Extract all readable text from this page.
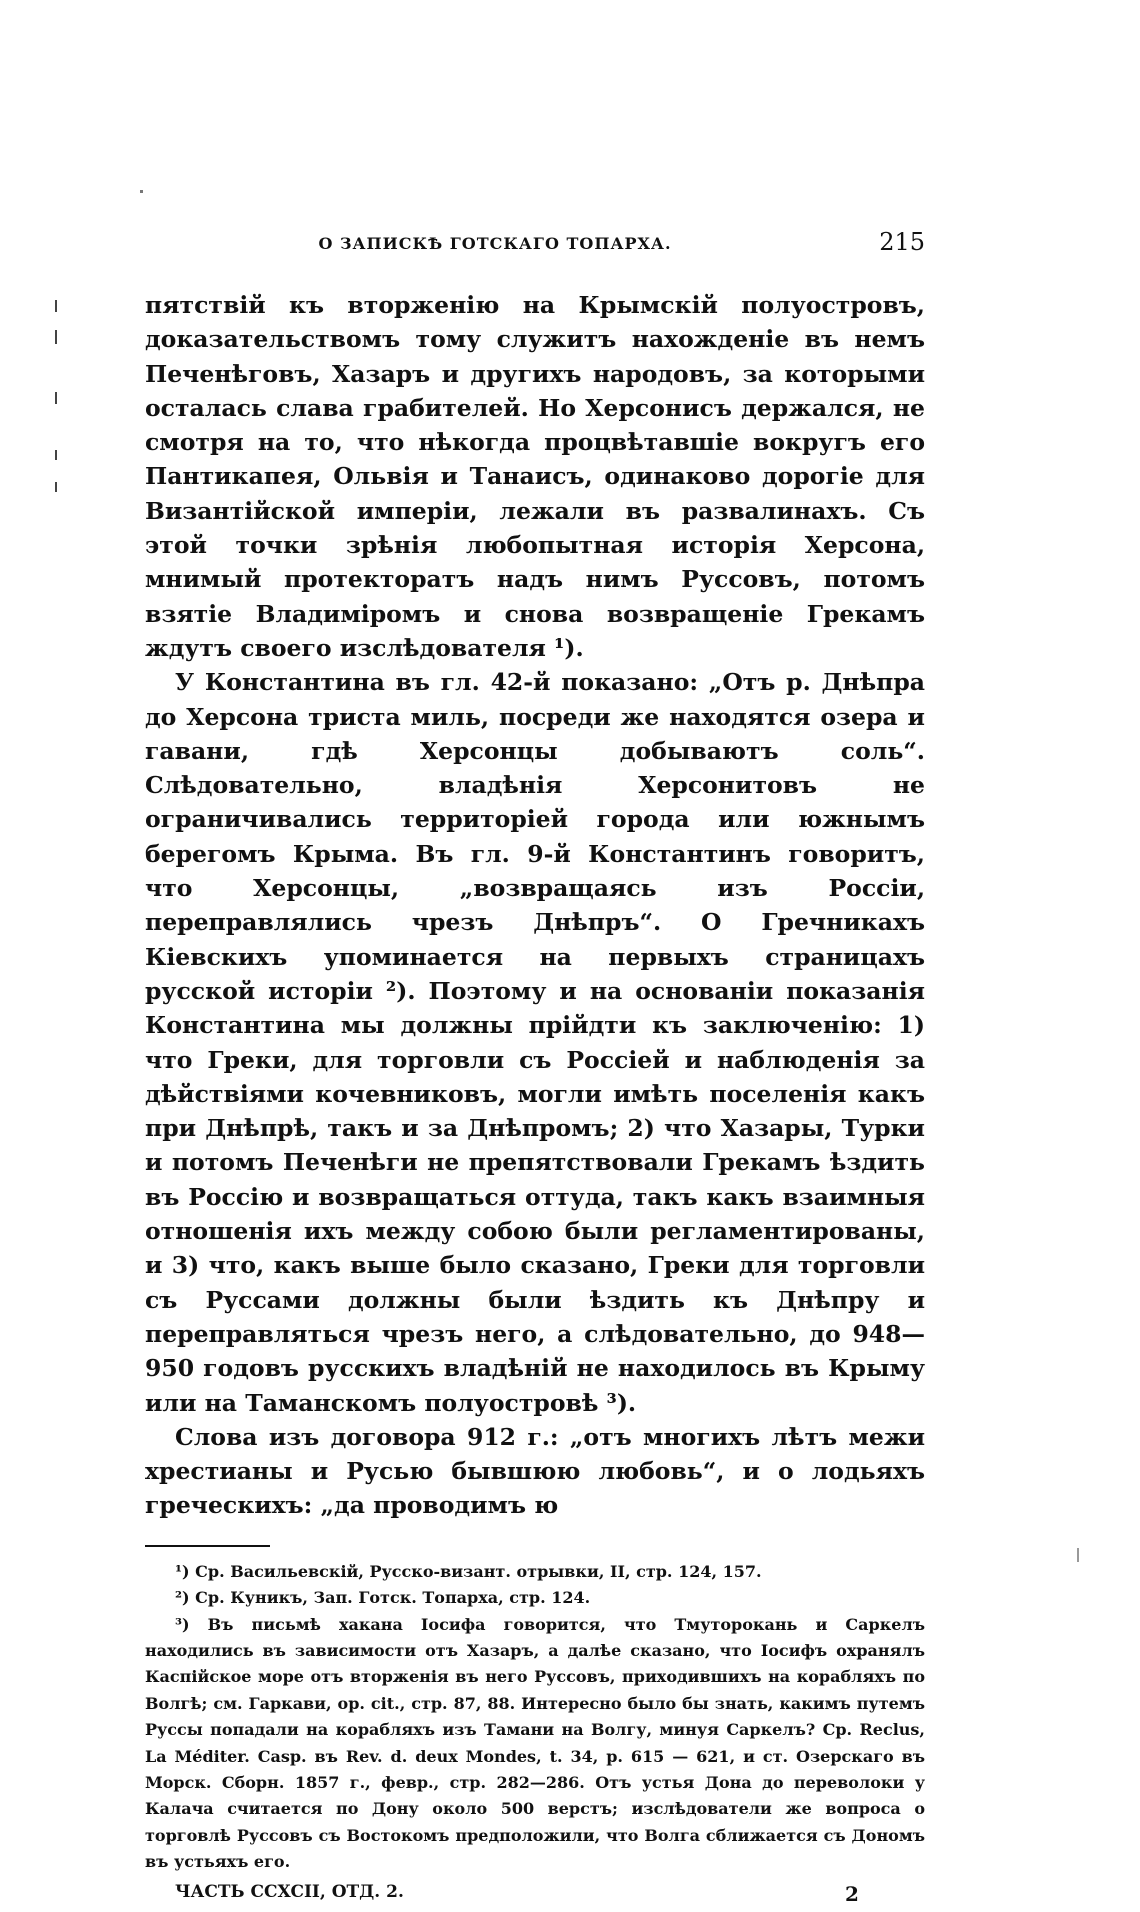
О ЗАПИСКѢ ГОТСКАГО ТОПАРХА.	215

пятствій къ вторженію на Крымскій полуостровъ, доказательствомъ тому служитъ нахожденіе въ немъ Печенѣговъ, Хазаръ и другихъ народовъ, за которыми осталась слава грабителей. Но Херсонисъ держался, не смотря на то, что нѣкогда процвѣтавшіе вокругъ его Пантикапея, Ольвія и Танаисъ, одинаково дорогіе для Византійской имперіи, лежали въ развалинахъ. Съ этой точки зрѣнія любопытная исторія Херсона, мнимый протекторатъ надъ нимъ Руссовъ, потомъ взятіе Владиміромъ и снова возвращеніе Грекамъ ждутъ своего изслѣдователя ¹).

У Константина въ гл. 42-й показано: „Отъ р. Днѣпра до Херсона триста миль, посреди же находятся озера и гавани, гдѣ Херсонцы добываютъ соль“. Слѣдовательно, владѣнія Херсонитовъ не ограничивались территоріей города или южнымъ берегомъ Крыма. Въ гл. 9-й Константинъ говоритъ, что Херсонцы, „возвращаясь изъ Россіи, переправлялись чрезъ Днѣпръ“. О Гречникахъ Кіевскихъ упоминается на первыхъ страницахъ русской исторіи ²). Поэтому и на основаніи показанія Константина мы должны прійдти къ заключенію: 1) что Греки, для торговли съ Россіей и наблюденія за дѣйствіями кочевниковъ, могли имѣть поселенія какъ при Днѣпрѣ, такъ и за Днѣпромъ; 2) что Хазары, Турки и потомъ Печенѣги не препятствовали Грекамъ ѣздить въ Россію и возвращаться оттуда, такъ какъ взаимныя отношенія ихъ между собою были регламентированы, и 3) что, какъ выше было сказано, Греки для торговли съ Руссами должны были ѣздить къ Днѣпру и переправляться чрезъ него, а слѣдовательно, до 948—950 годовъ русскихъ владѣній не находилось въ Крыму или на Таманскомъ полуостровѣ ³).

Слова изъ договора 912 г.: „отъ многихъ лѣтъ межи хрестианы и Русью бывшюю любовь“, и о лодьяхъ греческихъ: „да проводимъ ю

¹) Ср. Васильевскій, Русско-визант. отрывки, II, стр. 124, 157.

²) Ср. Куникъ, Зап. Готск. Топарха, стр. 124.

³) Въ письмѣ хакана Іосифа говорится, что Тмуторокань и Саркелъ находились въ зависимости отъ Хазаръ, а далѣе сказано, что Іосифъ охранялъ Каспійское море отъ вторженія въ него Руссовъ, приходившихъ на корабляхъ по Волгѣ; см. Гаркави, op. cit., стр. 87, 88. Интересно было бы знать, какимъ путемъ Руссы попадали на корабляхъ изъ Тамани на Волгу, минуя Саркелъ? Ср. Reclus, La Méditer. Casp. въ Rev. d. deux Mondes, t. 34, p. 615 — 621, и ст. Озерскаго въ Морск. Сборн. 1857 г., февр., стр. 282—286. Отъ устья Дона до переволоки у Калача считается по Дону около 500 верстъ; изслѣдователи же вопроса о торговлѣ Руссовъ съ Востокомъ предположили, что Волга сближается съ Дономъ въ устьяхъ его.

ЧАСТЬ CCXCII, ОТД. 2.	2
